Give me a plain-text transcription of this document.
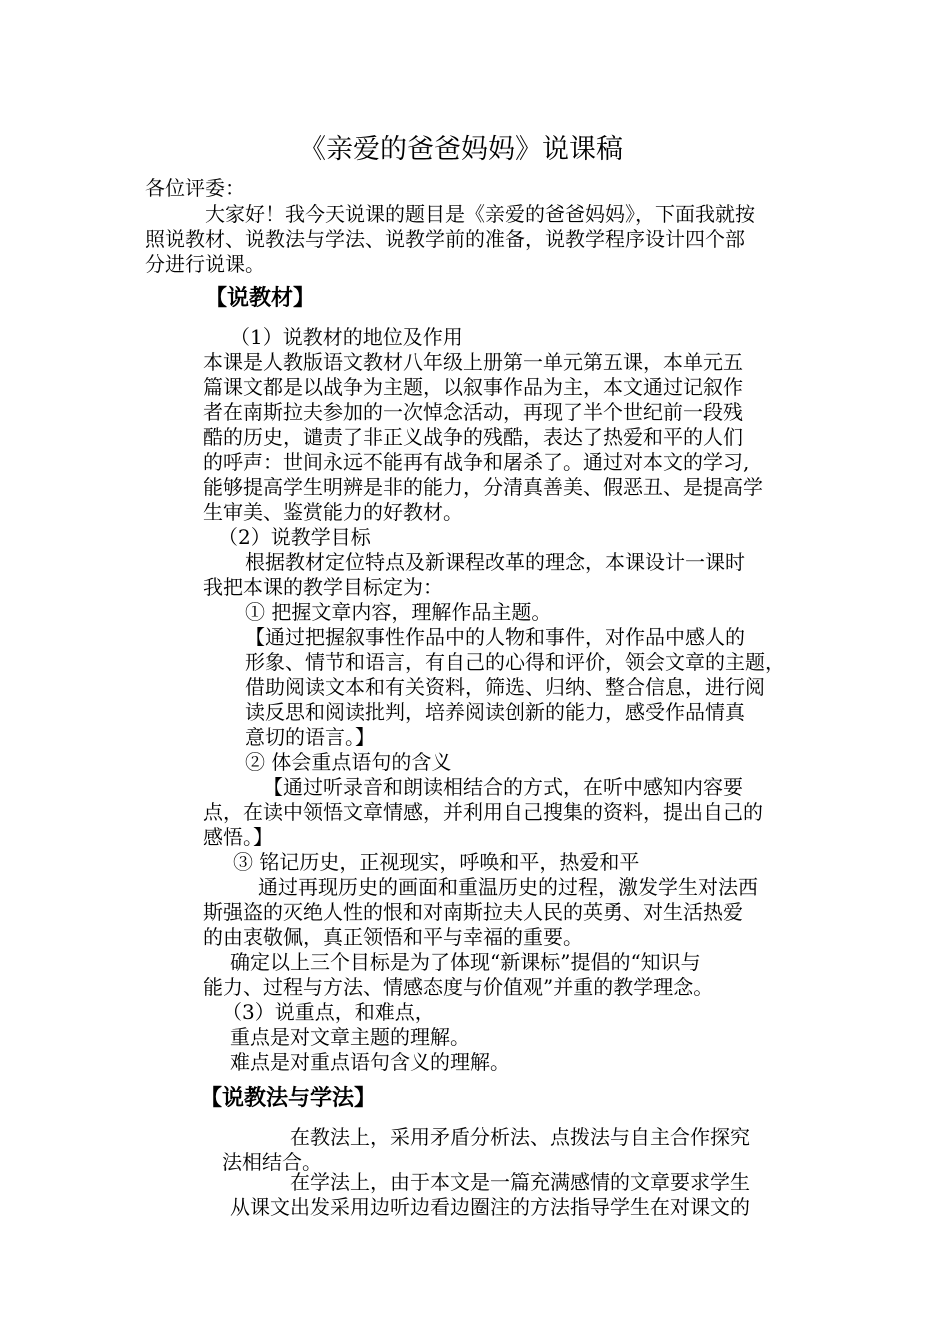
《亲爱的爸爸妈妈》说课稿
各位评委：
大家好！我今天说课的题目是《亲爱的爸爸妈妈》，下面我就按
照说教材、说教法与学法、说教学前的准备，说教学程序设计四个部
分进行说课。
【说教材】
（1）说教材的地位及作用
本课是人教版语文教材八年级上册第一单元第五课，本单元五
篇课文都是以战争为主题，以叙事作品为主，本文通过记叙作
者在南斯拉夫参加的一次悼念活动，再现了半个世纪前一段残
酷的历史，谴责了非正义战争的残酷，表达了热爱和平的人们
的呼声：世间永远不能再有战争和屠杀了。通过对本文的学习,
能够提高学生明辨是非的能力，分清真善美、假恶丑、是提高学
生审美、鉴赏能力的好教材。
（2）说教学目标
根据教材定位特点及新课程改革的理念，本课设计一课时
我把本课的教学目标定为：
① 把握文章内容，理解作品主题。
【通过把握叙事性作品中的人物和事件，对作品中感人的
形象、情节和语言，有自己的心得和评价，领会文章的主题，
借助阅读文本和有关资料，筛选、归纳、整合信息，进行阅
读反思和阅读批判，培养阅读创新的能力，感受作品情真
意切的语言。】
② 体会重点语句的含义
【通过听录音和朗读相结合的方式，在听中感知内容要
点，在读中领悟文章情感，并利用自己搜集的资料，提出自己的
感悟。】
③ 铭记历史，正视现实，呼唤和平，热爱和平
通过再现历史的画面和重温历史的过程，激发学生对法西
斯强盗的灭绝人性的恨和对南斯拉夫人民的英勇、对生活热爱
的由衷敬佩，真正领悟和平与幸福的重要。
确定以上三个目标是为了体现“新课标”提倡的“知识与
能力、过程与方法、情感态度与价值观”并重的教学理念。
（3）说重点，和难点，
重点是对文章主题的理解。
难点是对重点语句含义的理解。
【说教法与学法】
在教法上，采用矛盾分析法、点拨法与自主合作探究
法相结合。
在学法上，由于本文是一篇充满感情的文章要求学生
从课文出发采用边听边看边圈注的方法指导学生在对课文的
